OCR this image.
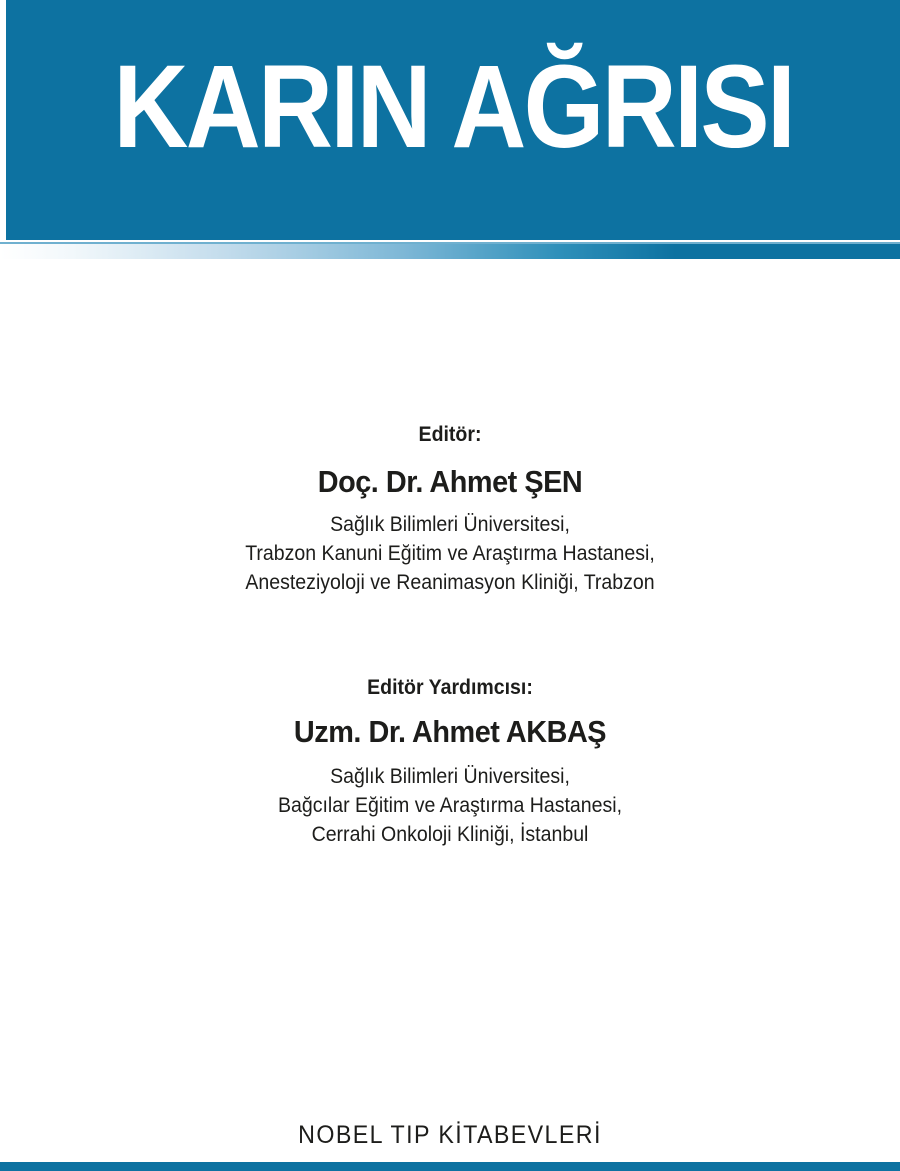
KARIN AĞRISI
Editör:
Doç. Dr. Ahmet ŞEN
Sağlık Bilimleri Üniversitesi,
Trabzon Kanuni Eğitim ve Araştırma Hastanesi,
Anesteziyoloji ve Reanimasyon Kliniği, Trabzon
Editör Yardımcısı:
Uzm. Dr. Ahmet AKBAŞ
Sağlık Bilimleri Üniversitesi,
Bağcılar Eğitim ve Araştırma Hastanesi,
Cerrahi Onkoloji Kliniği, İstanbul
NOBEL TIP KİTABEVLERİ
